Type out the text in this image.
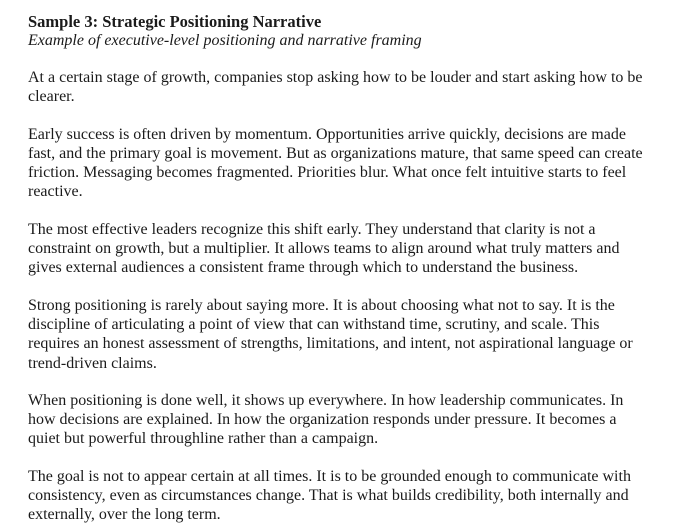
Sample 3: Strategic Positioning Narrative

Example of executive-level positioning and narrative framing

At a certain stage of growth, companies stop asking how to be louder and start asking how to be clearer.

Early success is often driven by momentum. Opportunities arrive quickly, decisions are made fast, and the primary goal is movement. But as organizations mature, that same speed can create friction. Messaging becomes fragmented. Priorities blur. What once felt intuitive starts to feel reactive.

The most effective leaders recognize this shift early. They understand that clarity is not a constraint on growth, but a multiplier. It allows teams to align around what truly matters and gives external audiences a consistent frame through which to understand the business.

Strong positioning is rarely about saying more. It is about choosing what not to say. It is the discipline of articulating a point of view that can withstand time, scrutiny, and scale. This requires an honest assessment of strengths, limitations, and intent, not aspirational language or trend-driven claims.

When positioning is done well, it shows up everywhere. In how leadership communicates. In how decisions are explained. In how the organization responds under pressure. It becomes a quiet but powerful throughline rather than a campaign.

The goal is not to appear certain at all times. It is to be grounded enough to communicate with consistency, even as circumstances change. That is what builds credibility, both internally and externally, over the long term.
